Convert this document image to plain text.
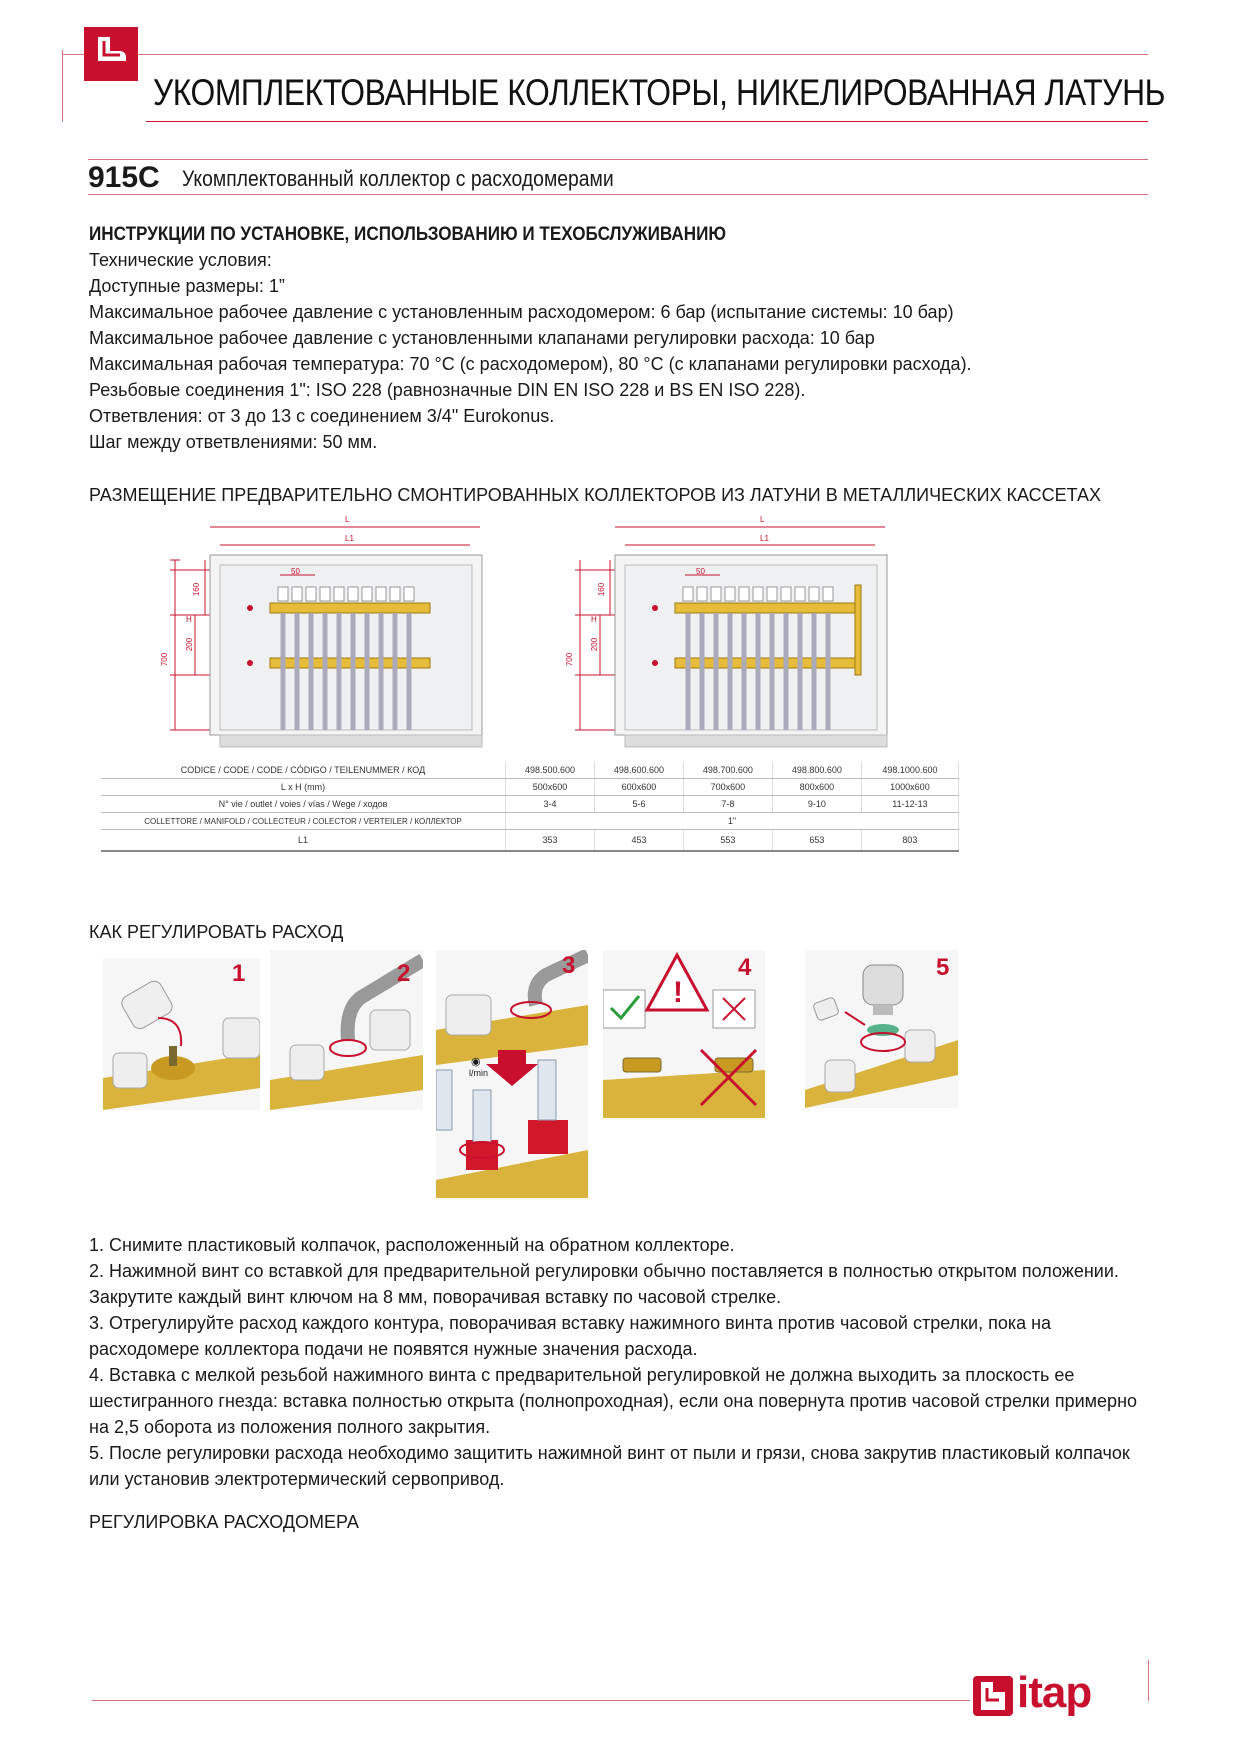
УКОМПЛЕКТОВАННЫЕ КОЛЛЕКТОРЫ, НИКЕЛИРОВАННАЯ ЛАТУНЬ
915C Укомплектованный коллектор с расходомерами
ИНСТРУКЦИИ ПО УСТАНОВКЕ, ИСПОЛЬЗОВАНИЮ И ТЕХОБСЛУЖИВАНИЮ
Технические условия:
Доступные размеры: 1”
Максимальное рабочее давление с установленным расходомером: 6 бар (испытание системы: 10 бар)
Максимальное рабочее давление с установленными клапанами регулировки расхода: 10 бар
Максимальная рабочая температура: 70 °C (с расходомером), 80 °C (с клапанами регулировки расхода).
Резьбовые соединения 1": ISO 228 (равнозначные DIN EN ISO 228 и BS EN ISO 228).
Ответвления: от 3 до 13 с соединением 3/4" Eurokonus.
Шаг между ответвлениями: 50 мм.
РАЗМЕЩЕНИЕ ПРЕДВАРИТЕЛЬНО СМОНТИРОВАННЫХ КОЛЛЕКТОРОВ ИЗ ЛАТУНИ В МЕТАЛЛИЧЕСКИХ КАССЕТАХ
L
L1
50
160
200
H
700
L
L1
50
160
200
H
700
CODICE / CODE / CODE / CÓDIGO / TEILENUMMER / КОД	498.500.600	498.600.600	498.700.600	498.800.600	498.1000.600
L x H (mm)	500x600	600x600	700x600	800x600	1000x600
N° vie / outlet / voies / vías / Wege / ходов	3-4	5-6	7-8	9-10	11-12-13
COLLETTORE / MANIFOLD / COLLECTEUR / COLECTOR / VERTEILER / КОЛЛЕКТОР	1"				
L1	353	453	553	653	803
КАК РЕГУЛИРОВАТЬ РАСХОД
1	2	3
◉
l/min
!
4	5

1. Снимите пластиковый колпачок, расположенный на обратном коллекторе.

2. Нажимной винт со вставкой для предварительной регулировки обычно поставляется в полностью открытом положении. Закрутите каждый винт ключом на 8 мм, поворачивая вставку по часовой стрелке.

3. Отрегулируйте расход каждого контура, поворачивая вставку нажимного винта против часовой стрелки, пока на расходомере коллектора подачи не появятся нужные значения расхода.

4. Вставка с мелкой резьбой нажимного винта с предварительной регулировкой не должна выходить за плоскость ее шестигранного гнезда: вставка полностью открыта (полнопроходная), если она повернута против часовой стрелки примерно на 2,5 оборота из положения полного закрытия.

5. После регулировки расхода необходимо защитить нажимной винт от пыли и грязи, снова закрутив пластиковый колпачок или установив электротермический сервопривод.

РЕГУЛИРОВКА РАСХОДОМЕРА
itap
